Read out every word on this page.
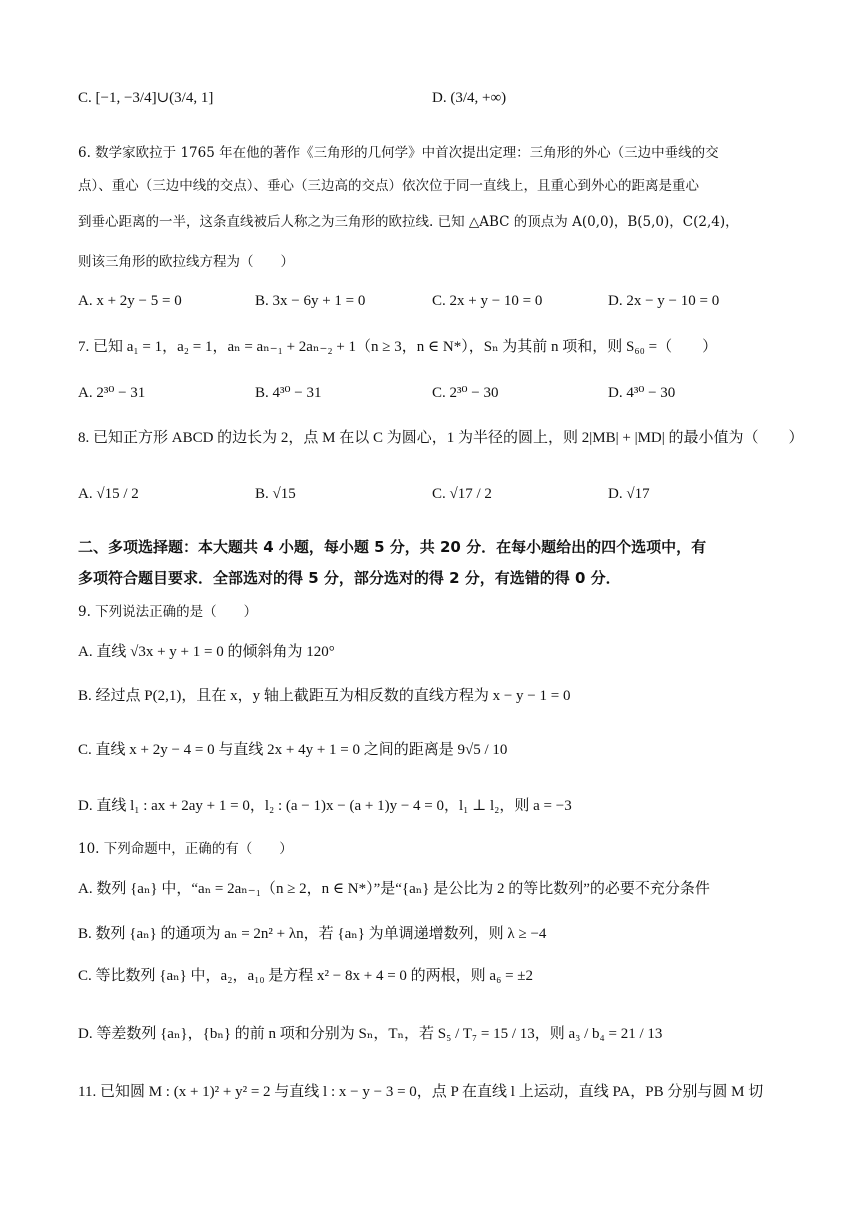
C. [−1, −3/4]∪(3/4, 1]	D. (3/4, +∞)
6. 数学家欧拉于 1765 年在他的著作《三角形的几何学》中首次提出定理：三角形的外心（三边中垂线的交
点）、重心（三边中线的交点）、垂心（三边高的交点）依次位于同一直线上，且重心到外心的距离是重心
到垂心距离的一半，这条直线被后人称之为三角形的欧拉线. 已知 △ABC 的顶点为 A(0,0)，B(5,0)，C(2,4)，
则该三角形的欧拉线方程为（　　）
A. x + 2y − 5 = 0	B. 3x − 6y + 1 = 0	C. 2x + y − 10 = 0	D. 2x − y − 10 = 0
7. 已知 a₁ = 1，a₂ = 1，aₙ = aₙ₋₁ + 2aₙ₋₂ + 1（n ≥ 3，n ∈ N*），Sₙ 为其前 n 项和，则 S₆₀ =（　　）
A. 2³⁰ − 31	B. 4³⁰ − 31	C. 2³⁰ − 30	D. 4³⁰ − 30
8. 已知正方形 ABCD 的边长为 2，点 M 在以 C 为圆心，1 为半径的圆上，则 2|MB| + |MD| 的最小值为（　　）
A. √15 / 2	B. √15	C. √17 / 2	D. √17
二、多项选择题：本大题共 4 小题，每小题 5 分，共 20 分．在每小题给出的四个选项中，有
多项符合题目要求．全部选对的得 5 分，部分选对的得 2 分，有选错的得 0 分．
9. 下列说法正确的是（　　）
A. 直线 √3x + y + 1 = 0 的倾斜角为 120°
B. 经过点 P(2,1)，且在 x，y 轴上截距互为相反数的直线方程为 x − y − 1 = 0
C. 直线 x + 2y − 4 = 0 与直线 2x + 4y + 1 = 0 之间的距离是 9√5 / 10
D. 直线 l₁ : ax + 2ay + 1 = 0，l₂ : (a − 1)x − (a + 1)y − 4 = 0，l₁ ⊥ l₂，则 a = −3
10. 下列命题中，正确的有（　　）
A. 数列 {aₙ} 中，“aₙ = 2aₙ₋₁（n ≥ 2，n ∈ N*）”是“{aₙ} 是公比为 2 的等比数列”的必要不充分条件
B. 数列 {aₙ} 的通项为 aₙ = 2n² + λn，若 {aₙ} 为单调递增数列，则 λ ≥ −4
C. 等比数列 {aₙ} 中，a₂，a₁₀ 是方程 x² − 8x + 4 = 0 的两根，则 a₆ = ±2
D. 等差数列 {aₙ}，{bₙ} 的前 n 项和分别为 Sₙ，Tₙ，若 S₅ / T₇ = 15 / 13，则 a₃ / b₄ = 21 / 13
11. 已知圆 M : (x + 1)² + y² = 2 与直线 l : x − y − 3 = 0，点 P 在直线 l 上运动，直线 PA，PB 分别与圆 M 切
